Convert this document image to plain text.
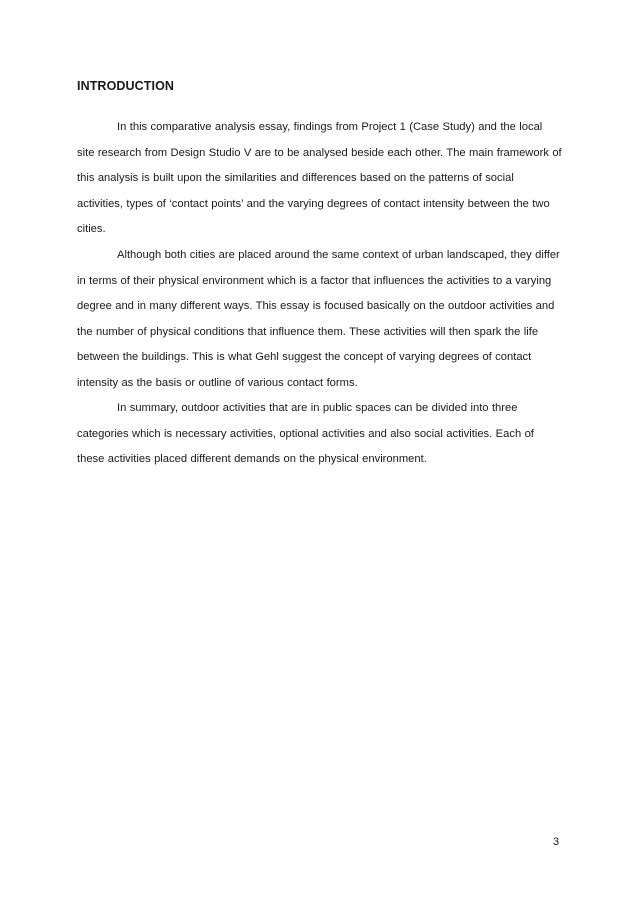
INTRODUCTION

In this comparative analysis essay, findings from Project 1 (Case Study) and the local site research from Design Studio V are to be analysed beside each other. The main framework of this analysis is built upon the similarities and differences based on the patterns of social activities, types of ‘contact points’ and the varying degrees of contact intensity between the two cities.

Although both cities are placed around the same context of urban landscaped, they differ in terms of their physical environment which is a factor that influences the activities to a varying degree and in many different ways. This essay is focused basically on the outdoor activities and the number of physical conditions that influence them. These activities will then spark the life between the buildings. This is what Gehl suggest the concept of varying degrees of contact intensity as the basis or outline of various contact forms.

In summary, outdoor activities that are in public spaces can be divided into three categories which is necessary activities, optional activities and also social activities. Each of these activities placed different demands on the physical environment.

3
